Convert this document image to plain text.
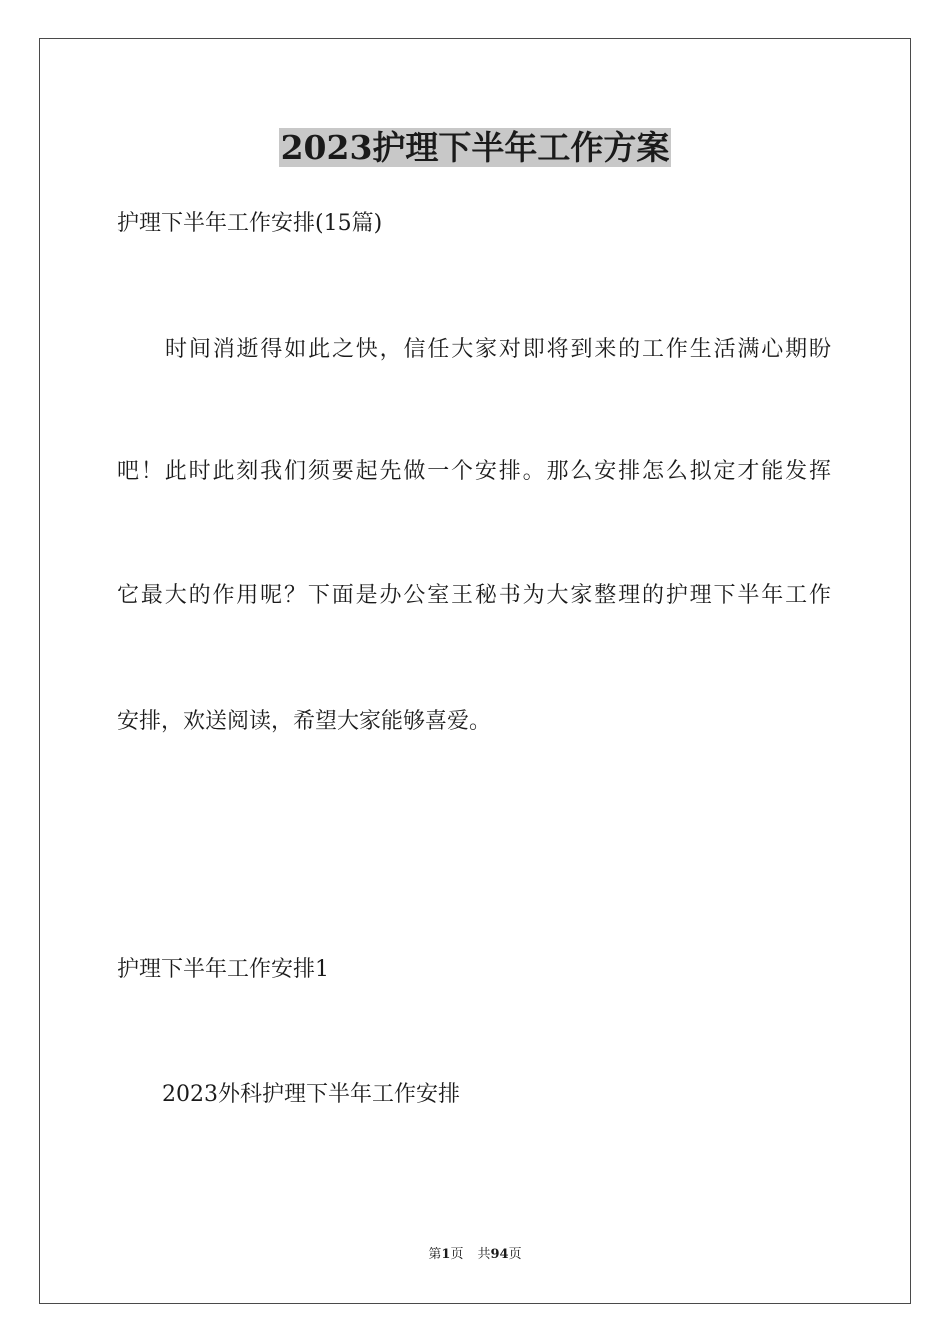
2023护理下半年工作方案

护理下半年工作安排(15篇)

时间消逝得如此之快，信任大家对即将到来的工作生活满心期盼

吧！此时此刻我们须要起先做一个安排。那么安排怎么拟定才能发挥

它最大的作用呢？下面是办公室王秘书为大家整理的护理下半年工作

安排，欢送阅读，希望大家能够喜爱。

护理下半年工作安排1

2023外科护理下半年工作安排

第1页 共94页
